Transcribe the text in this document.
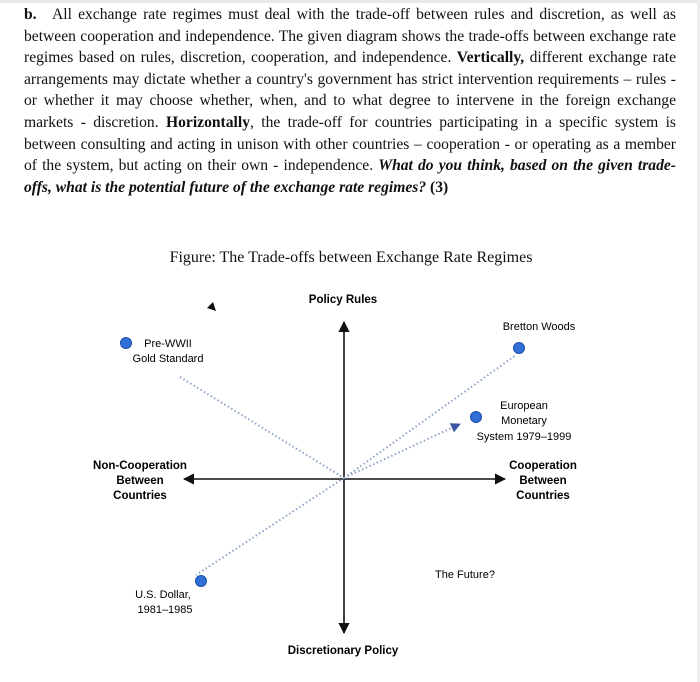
b. All exchange rate regimes must deal with the trade-off between rules and discretion, as well as between cooperation and independence. The given diagram shows the trade-offs between exchange rate regimes based on rules, discretion, cooperation, and independence. Vertically, different exchange rate arrangements may dictate whether a country's government has strict intervention requirements – rules - or whether it may choose whether, when, and to what degree to intervene in the foreign exchange markets - discretion. Horizontally, the trade-off for countries participating in a specific system is between consulting and acting in unison with other countries – cooperation - or operating as a member of the system, but acting on their own - independence. What do you think, based on the given trade-offs, what is the potential future of the exchange rate regimes? (3)
Figure: The Trade-offs between Exchange Rate Regimes
Policy Rules
Discretionary Policy
Non-Cooperation
Between
Countries
Cooperation
Between
Countries
Pre-WWII
Gold Standard
Bretton Woods
European
Monetary
System 1979–1999
U.S. Dollar,
1981–1985
The Future?
